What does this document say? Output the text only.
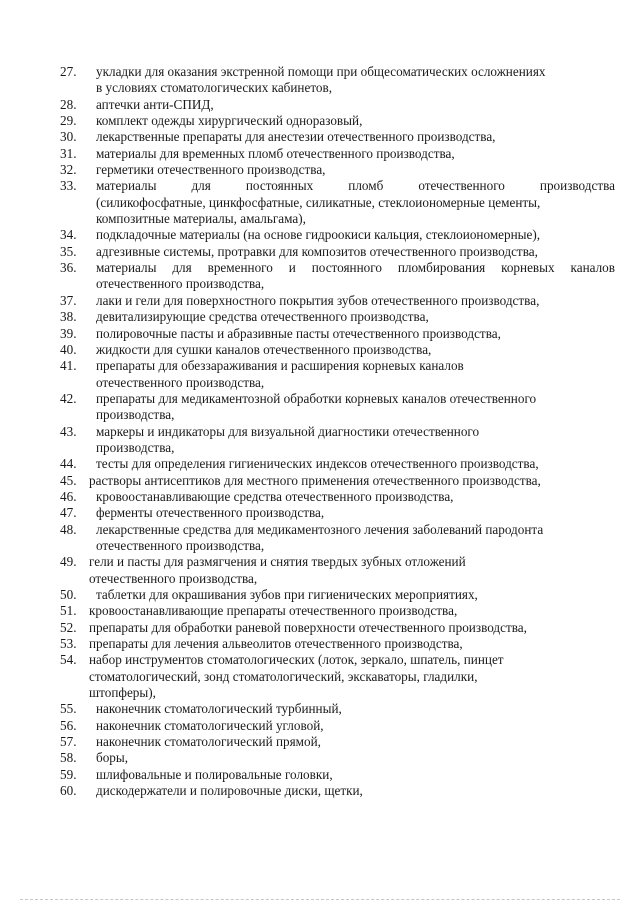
27.	укладки для оказания экстренной помощи при общесоматических осложнениях
в условиях стоматологических кабинетов,
28.	аптечки анти-СПИД,
29.	комплект одежды хирургический одноразовый,
30.	лекарственные препараты для анестезии отечественного производства,
31.	материалы для временных пломб отечественного производства,
32.	герметики отечественного производства,
33.	материалы для постоянных пломб отечественного производства
(силикофосфатные, цинкфосфатные, силикатные, стеклоиономерные цементы,
композитные материалы, амальгама),
34.	подкладочные материалы (на основе гидроокиси кальция, стеклоиономерные),
35.	адгезивные системы, протравки для композитов отечественного производства,
36.	материалы для временного и постоянного пломбирования корневых каналов
отечественного производства,
37.	лаки и гели для поверхностного покрытия зубов отечественного производства,
38.	девитализирующие средства отечественного производства,
39.	полировочные пасты и абразивные пасты отечественного производства,
40.	жидкости для сушки каналов отечественного производства,
41.	препараты для обеззараживания и расширения корневых каналов
отечественного производства,
42.	препараты для медикаментозной обработки корневых каналов отечественного
производства,
43.	маркеры и индикаторы для визуальной диагностики отечественного
производства,
44.	тесты для определения гигиенических индексов отечественного производства,
45. растворы антисептиков для местного применения отечественного производства,
46.	кровоостанавливающие средства отечественного производства,
47.	ферменты отечественного производства,
48.	лекарственные средства для медикаментозного лечения заболеваний пародонта
отечественного производства,
49. гели и пасты для размягчения и снятия твердых зубных отложений
отечественного производства,
50.	таблетки для окрашивания зубов при гигиенических мероприятиях,
51. кровоостанавливающие препараты отечественного производства,
52. препараты для обработки раневой поверхности отечественного производства,
53. препараты для лечения альвеолитов отечественного производства,
54. набор инструментов стоматологических (лоток, зеркало, шпатель, пинцет
стоматологический, зонд стоматологический, экскаваторы, гладилки,
штопферы),
55.	наконечник стоматологический турбинный,
56.	наконечник стоматологический угловой,
57.	наконечник стоматологический прямой,
58.	боры,
59.	шлифовальные и полировальные головки,
60.	дискодержатели и полировочные диски, щетки,
